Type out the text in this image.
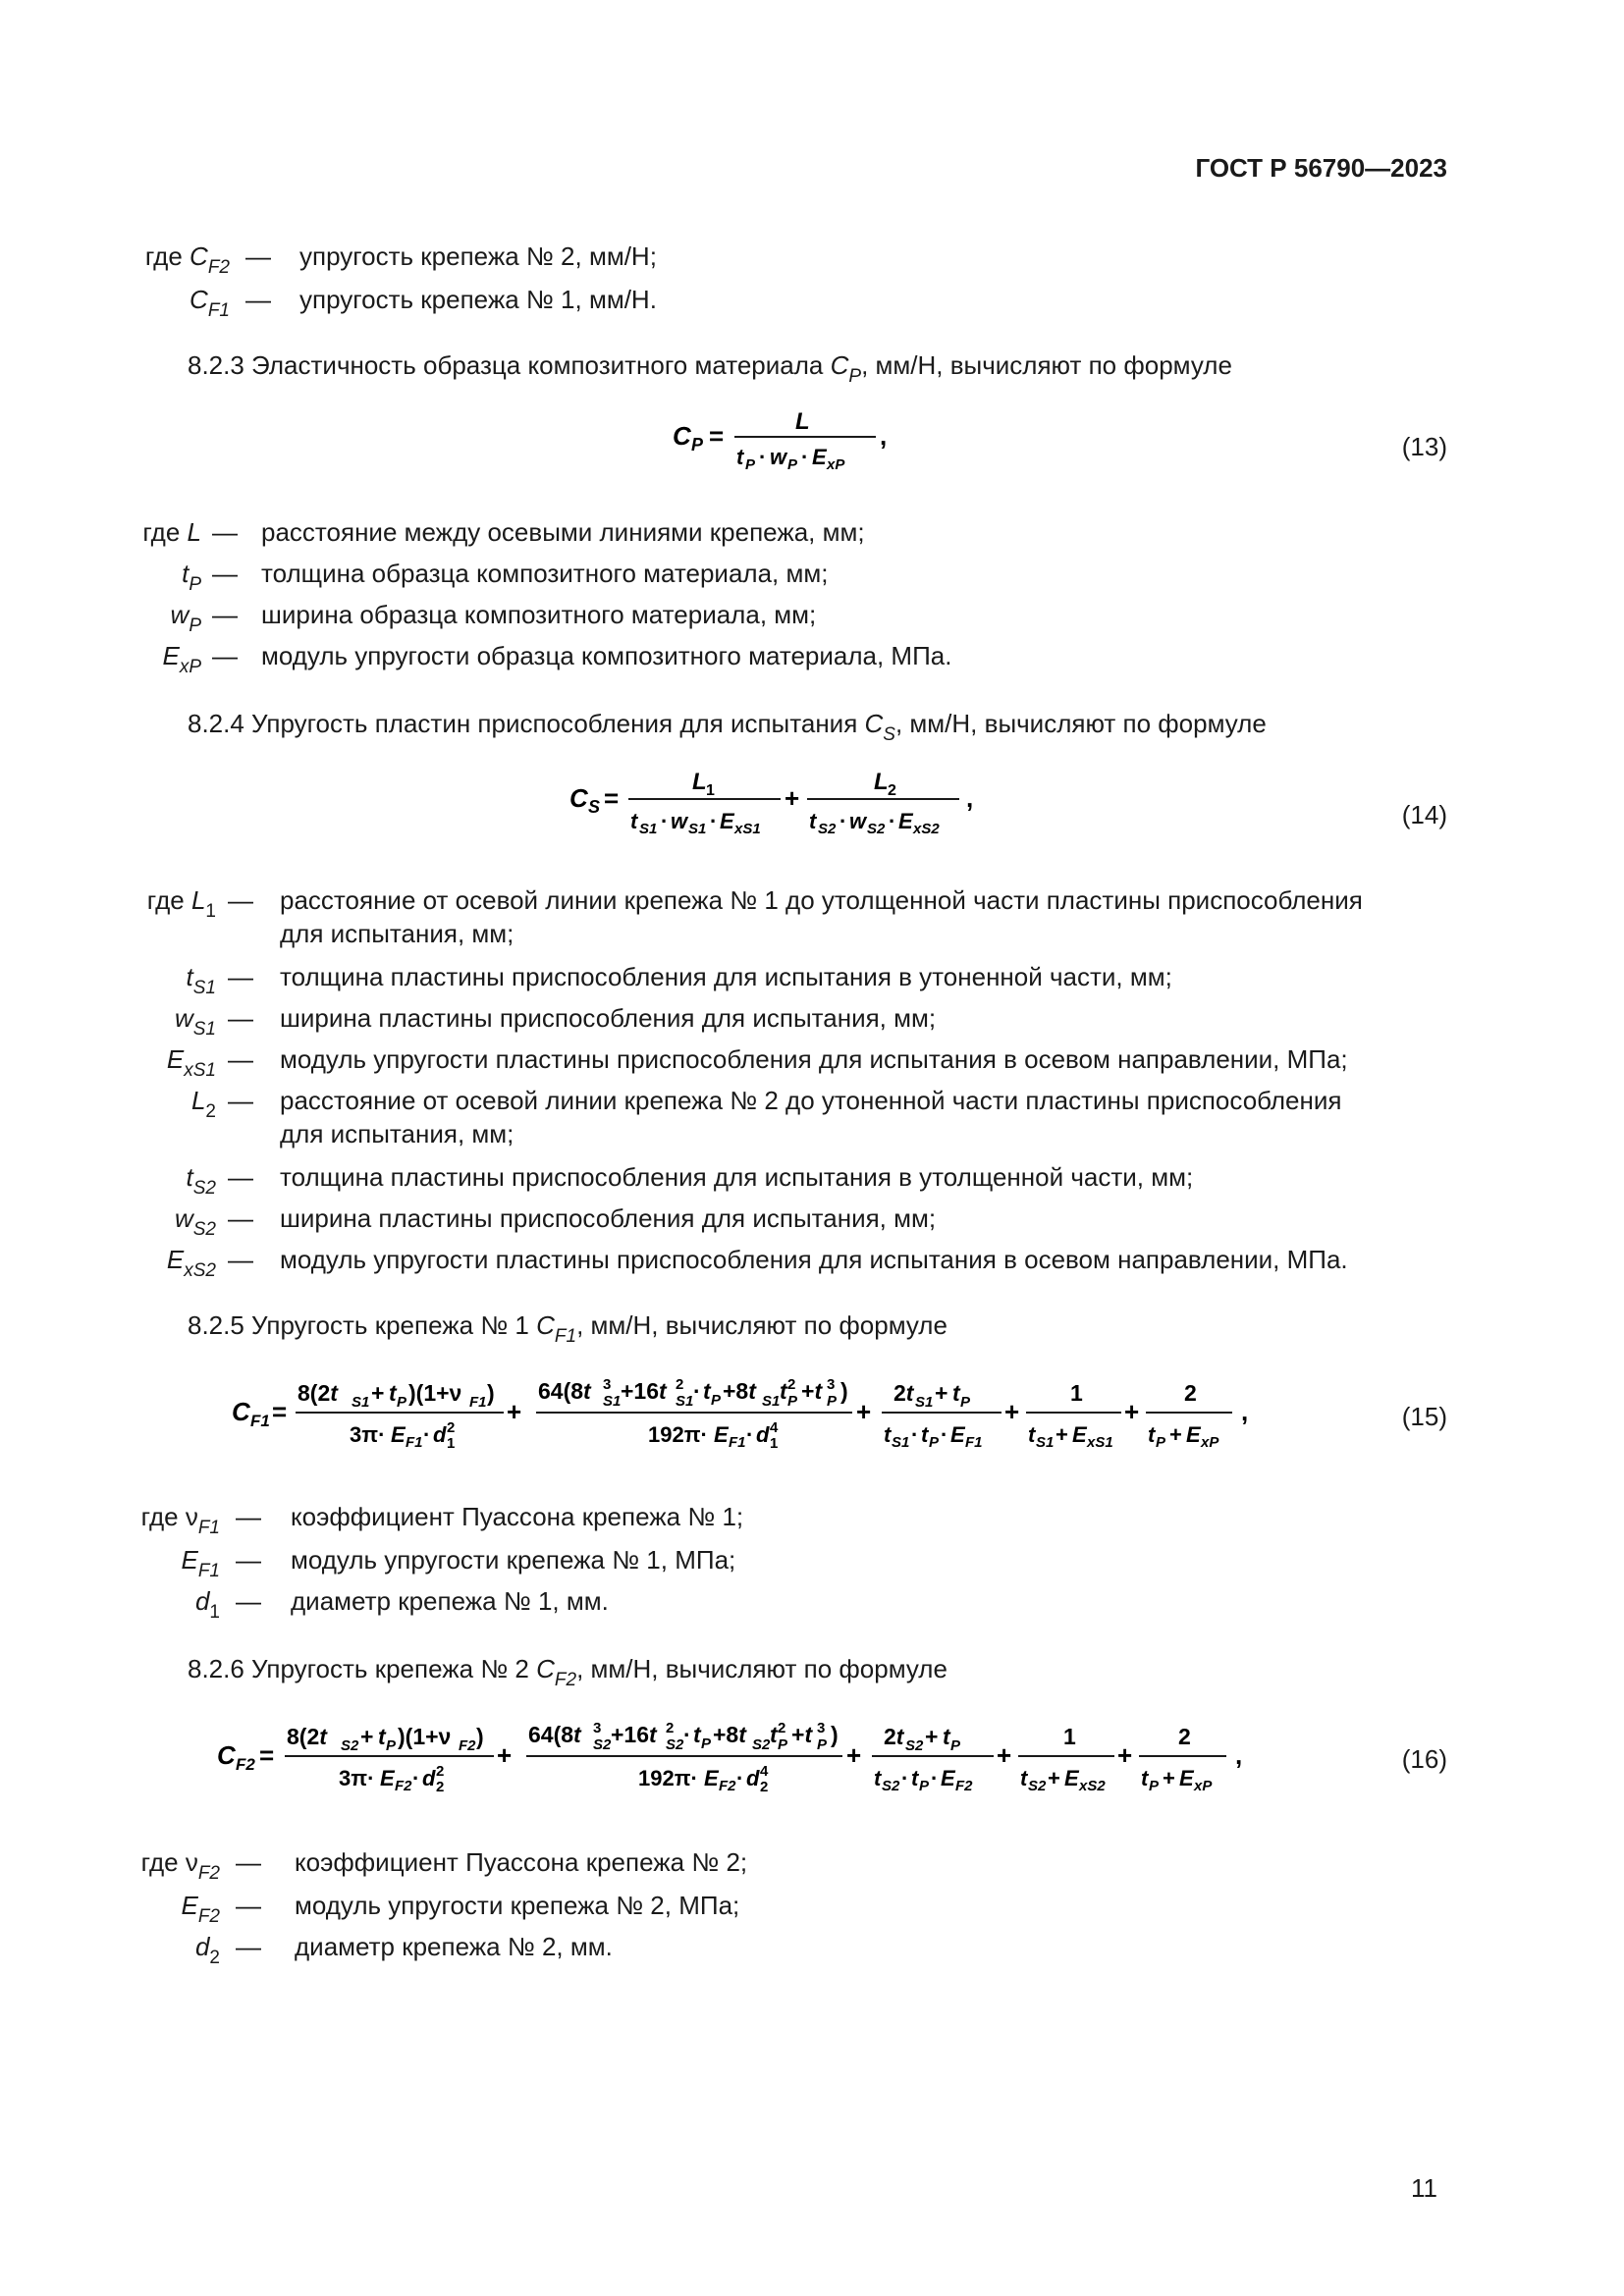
ГОСТ Р 56790—2023
где $C_{F2}$ — упругость крепежа № 2, мм/Н;
$C_{F1}$ — упругость крепежа № 1, мм/Н.
8.2.3 Эластичность образца композитного материала $C_P$, мм/Н, вычисляют по формуле
C P =	L
t P · w P · E xP
,	(13)
где L — расстояние между осевыми линиями крепежа, мм;
$t_P$ — толщина образца композитного материала, мм;
$w_P$ — ширина образца композитного материала, мм;
$E_{xP}$ — модуль упругости образца композитного материала, МПа.
8.2.4 Упругость пластин приспособления для испытания $C_S$, мм/Н, вычисляют по формуле
C S =
L 1
t S1 · w S1 · E xS1
+
L 2
t S2 · w S2 · E xS2
,
(14)
где $L_1$ — расстояние от осевой линии крепежа № 1 до утолщенной части пластины приспособления
для испытания, мм;
$t_{S1}$ — толщина пластины приспособления для испытания в утоненной части, мм;
$w_{S1}$ — ширина пластины приспособления для испытания, мм;
$E_{xS1}$ — модуль упругости пластины приспособления для испытания в осевом направлении, МПа;
$L_2$ — расстояние от осевой линии крепежа № 2 до утоненной части пластины приспособления
для испытания, мм;
$t_{S2}$ — толщина пластины приспособления для испытания в утолщенной части, мм;
$w_{S2}$ — ширина пластины приспособления для испытания, мм;
$E_{xS2}$ — модуль упругости пластины приспособления для испытания в осевом направлении, МПа.
8.2.5 Упругость крепежа № 1 $C_{F1}$, мм/Н, вычисляют по формуле
C F1 =
8(2t S1 + t P )(1+ν F1 )
3π· E F1 · d 1
2
+
64(8t S1
3 +16t S1
2 · t P +8t S1 t P
2 +t P
3 )
192π· E F1 · d 1
4
+
2t S1 + t P
t S1 · t P · E F1
+
1
t S1 + E xS1
+
2
t P + E xP
,	(15)
где $\nu_{F1}$ — коэффициент Пуассона крепежа № 1;
$E_{F1}$ — модуль упругости крепежа № 1, МПа;
$d_1$ — диаметр крепежа № 1, мм.
8.2.6 Упругость крепежа № 2 $C_{F2}$, мм/Н, вычисляют по формуле
C F2 =
8(2t S2 + t P )(1+ν F2 )
3π· E F2 · d 2
2
+
64(8t S2
3 +16t S2
2 · t P +8t S2 t P
2 +t P
3 )
192π· E F2 · d 2
4
+
2t S2 + t P
t S2 · t P · E F2
+
1
t S2 + E xS2
+
2
t P + E xP
,	(16)
где $\nu_{F2}$ — коэффициент Пуассона крепежа № 2;
$E_{F2}$ — модуль упругости крепежа № 2, МПа;
$d_2$ — диаметр крепежа № 2, мм.
11
